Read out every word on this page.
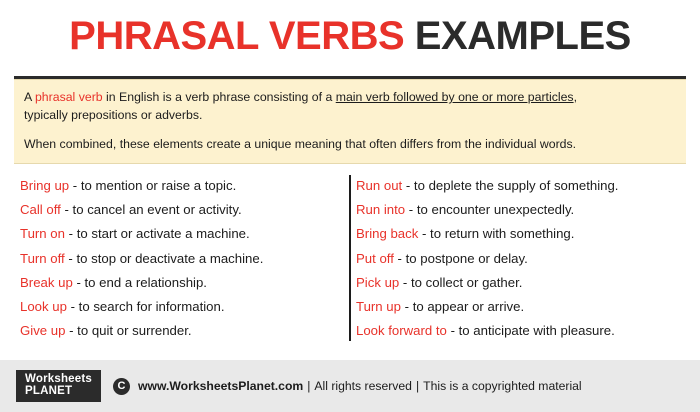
PHRASAL VERBS EXAMPLES

A phrasal verb in English is a verb phrase consisting of a main verb followed by one or more particles,
typically prepositions or adverbs.

When combined, these elements create a unique meaning that often differs from the individual words.

Bring up - to mention or raise a topic.
Call off - to cancel an event or activity.
Turn on - to start or activate a machine.
Turn off - to stop or deactivate a machine.
Break up - to end a relationship.
Look up - to search for information.
Give up - to quit or surrender.
Run out - to deplete the supply of something.
Run into - to encounter unexpectedly.
Bring back - to return with something.
Put off - to postpone or delay.
Pick up - to collect or gather.
Turn up - to appear or arrive.
Look forward to - to anticipate with pleasure.
Worksheets
PLANET	C	www.WorksheetsPlanet.com | All rights reserved | This is a copyrighted material
